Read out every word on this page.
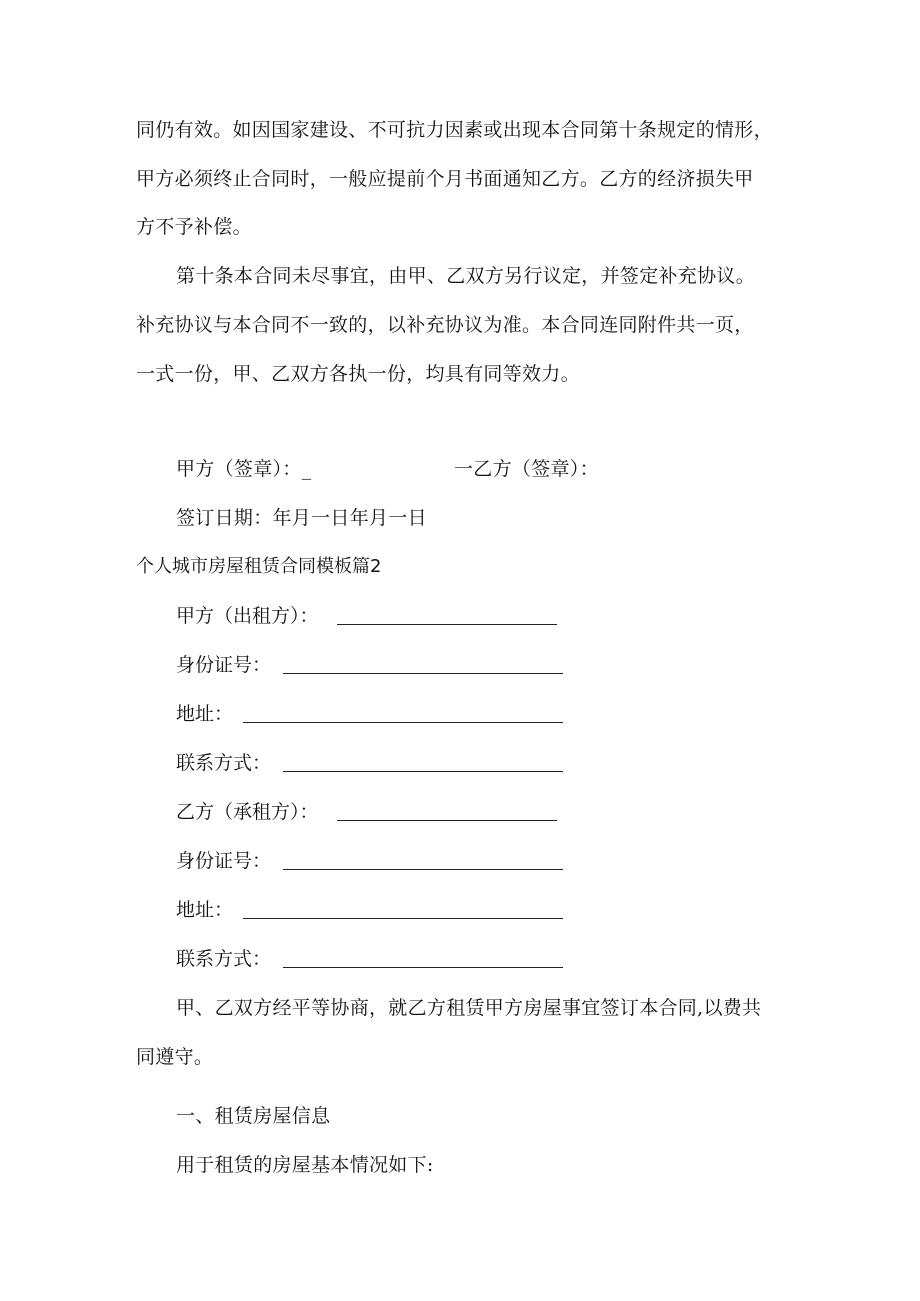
同仍有效。如因国家建设、不可抗力因素或出现本合同第十条规定的情形，
甲方必须终止合同时，一般应提前个月书面通知乙方。乙方的经济损失甲
方不予补偿。
第十条本合同未尽事宜，由甲、乙双方另行议定，并签定补充协议。
补充协议与本合同不一致的，以补充协议为准。本合同连同附件共一页，
一式一份，甲、乙双方各执一份，均具有同等效力。
甲方（签章）：_	一乙方（签章）：
签订日期：年月一日年月一日
个人城市房屋租赁合同模板篇2
甲方（出租方）：
身份证号：
地址：
联系方式：
乙方（承租方）：
身份证号：
地址：
联系方式：
甲、乙双方经平等协商，就乙方租赁甲方房屋事宜签订本合同,以费共
同遵守。
一、租赁房屋信息
用于租赁的房屋基本情况如下:
